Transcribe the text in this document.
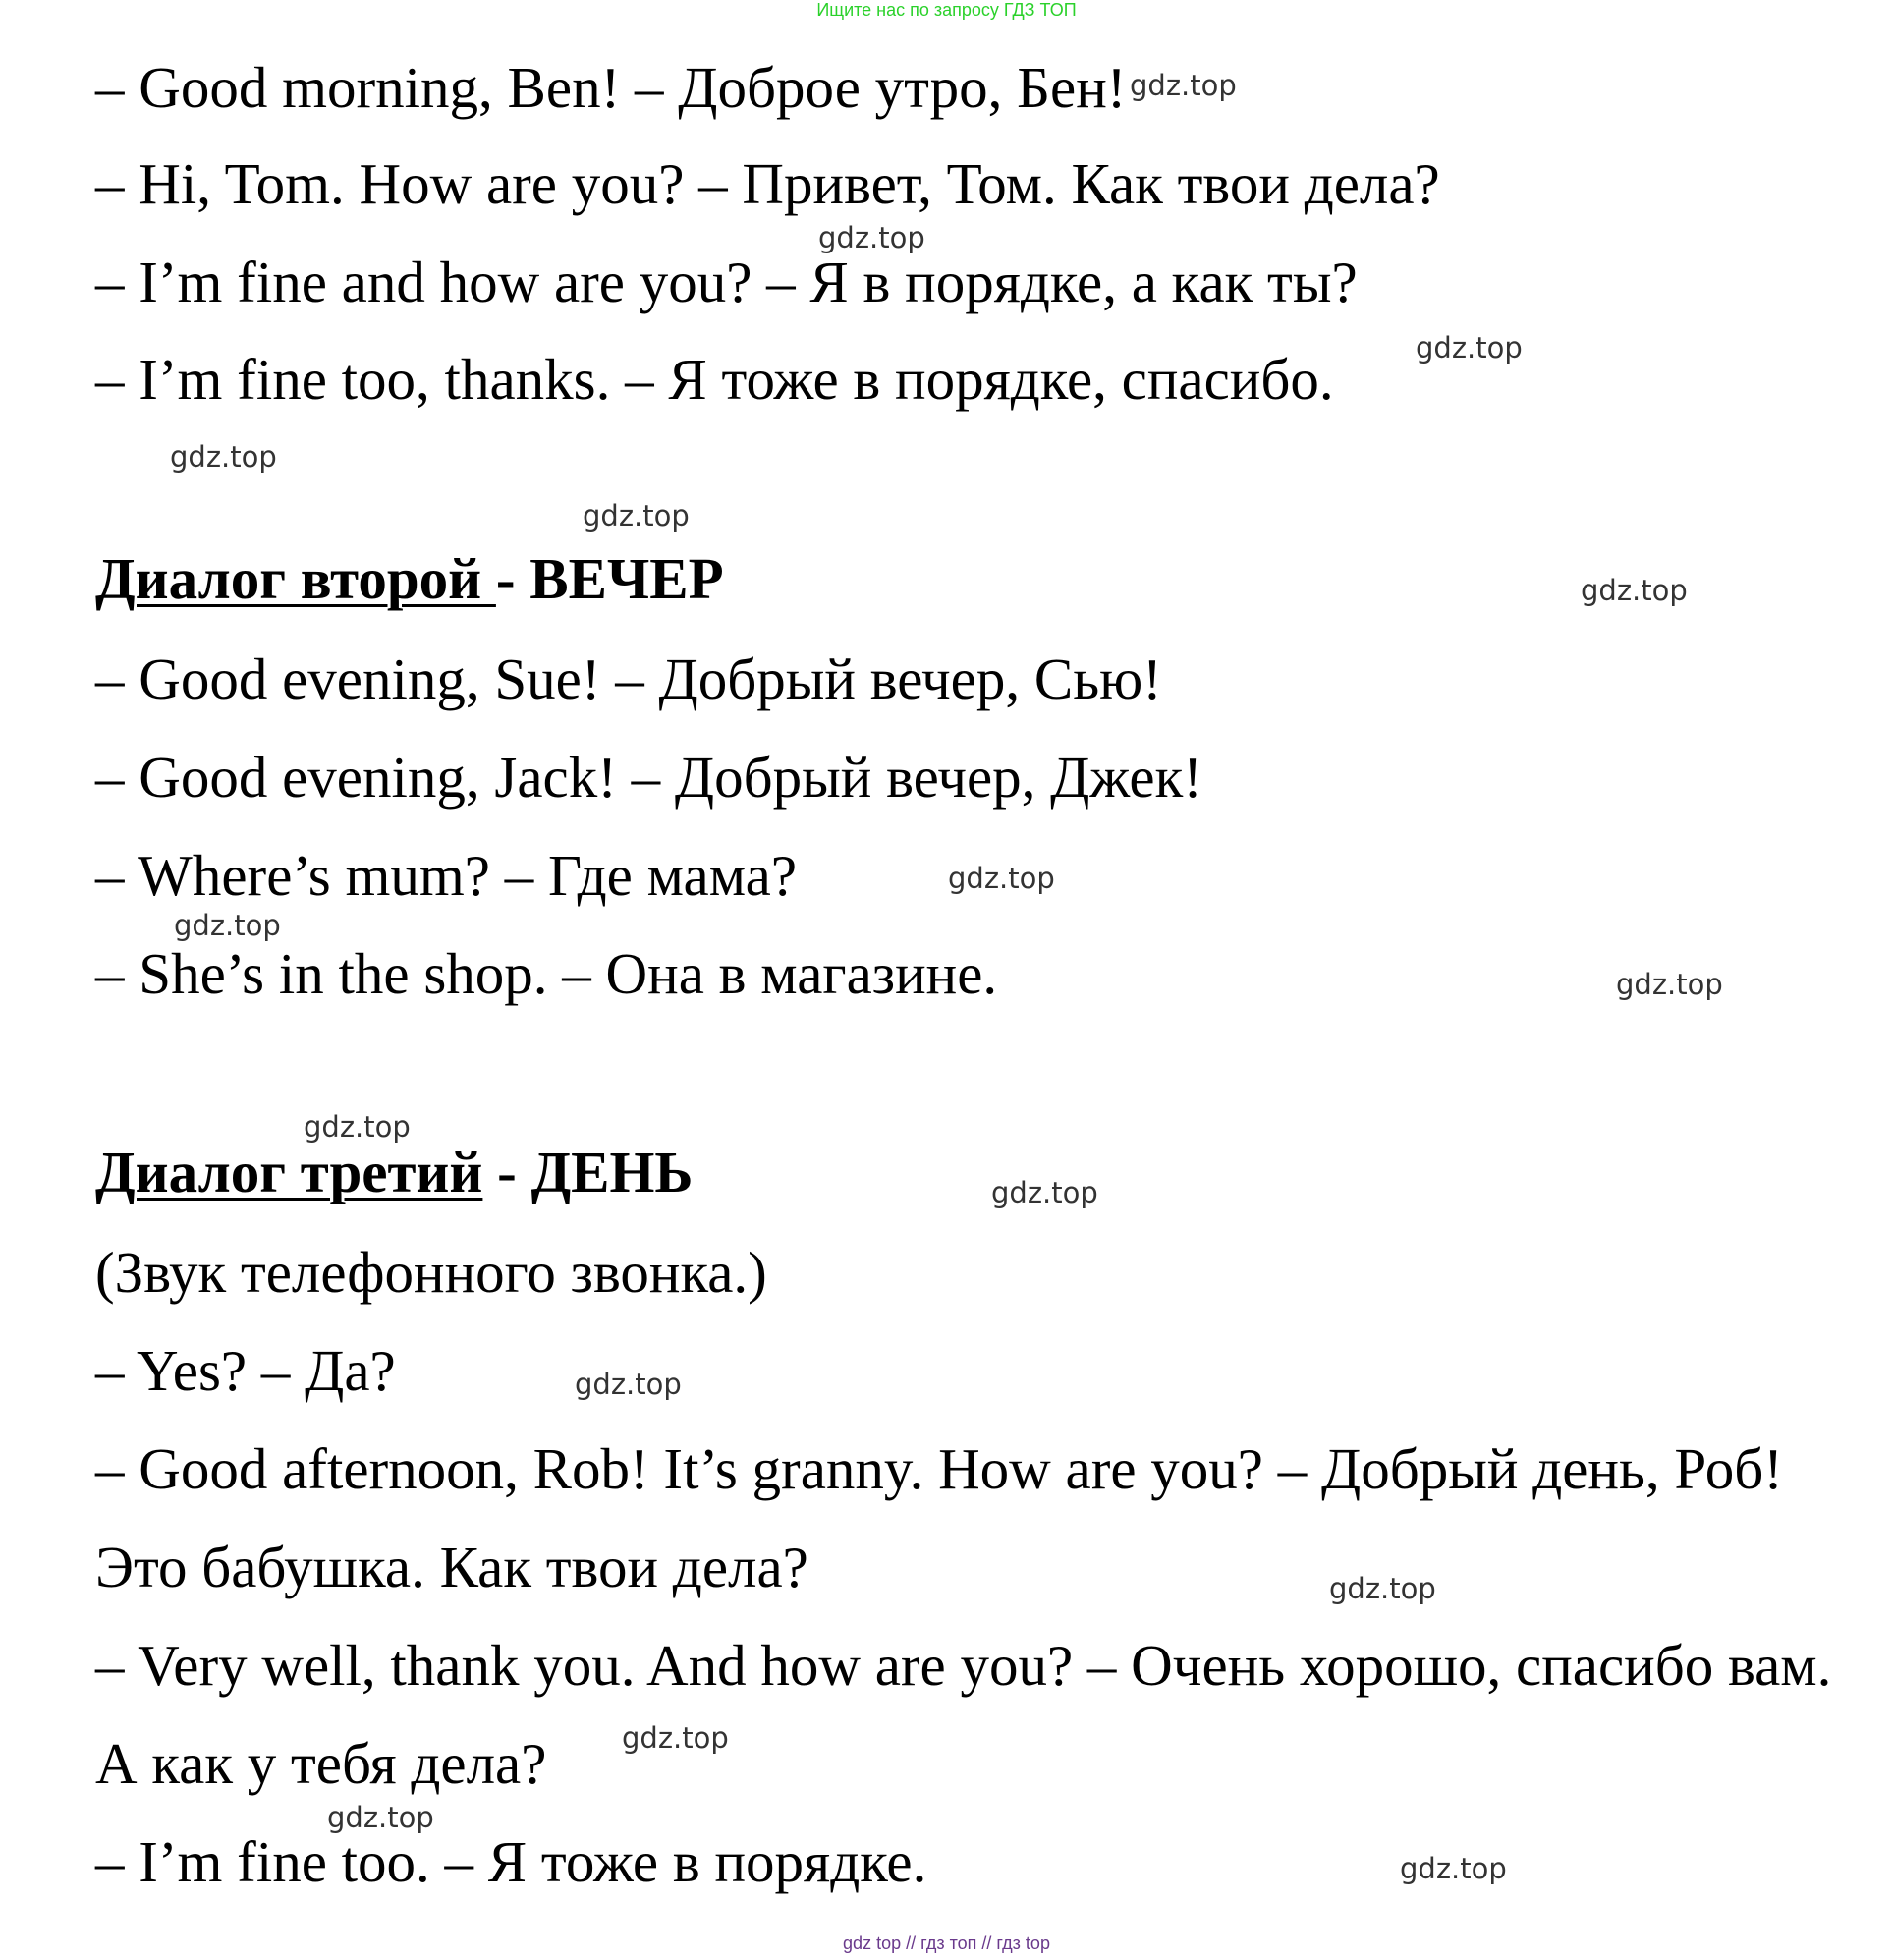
Ищите нас по запросу ГДЗ ТОП
– Good morning, Ben! – Доброе утро, Бен!
– Hi, Tom. How are you? – Привет, Том. Как твои дела?
– I’m fine and how are you? – Я в порядке, а как ты?
– I’m fine too, thanks. – Я тоже в порядке, спасибо.
Диалог второй - ВЕЧЕР
– Good evening, Sue! – Добрый вечер, Сью!
– Good evening, Jack! – Добрый вечер, Джек!
– Where’s mum? – Где мама?
– She’s in the shop. – Она в магазине.
Диалог третий - ДЕНЬ
(Звук телефонного звонка.)
– Yes? – Да?
– Good afternoon, Rob! It’s granny. How are you? – Добрый день, Роб!
Это бабушка. Как твои дела?
– Very well, thank you. And how are you? – Очень хорошо, спасибо вам.
А как у тебя дела?
– I’m fine too. – Я тоже в порядке.
gdz.top
gdz.top
gdz.top
gdz.top
gdz.top
gdz.top
gdz.top
gdz.top
gdz.top
gdz.top
gdz.top
gdz.top
gdz.top
gdz.top
gdz.top
gdz.top
gdz top // гдз топ // гдз top
